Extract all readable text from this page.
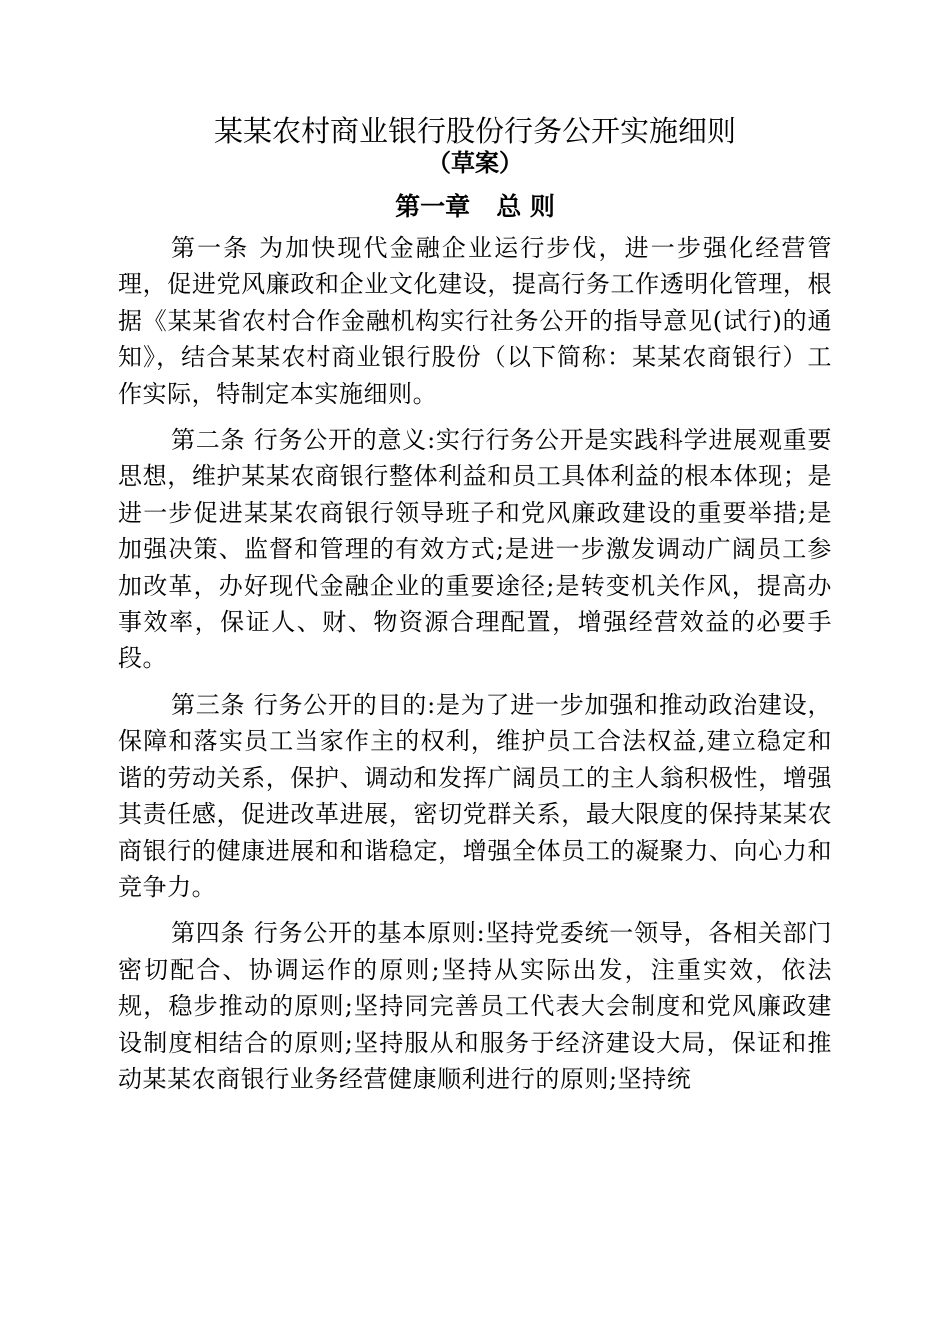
某某农村商业银行股份行务公开实施细则
（草案）
第一章   总 则

第一条 为加快现代金融企业运行步伐，进一步强化经营管理，促进党风廉政和企业文化建设，提高行务工作透明化管理，根据《某某省农村合作金融机构实行社务公开的指导意见(试行)的通知》，结合某某农村商业银行股份（以下简称：某某农商银行）工作实际，特制定本实施细则。

第二条 行务公开的意义:实行行务公开是实践科学进展观重要思想，维护某某农商银行整体利益和员工具体利益的根本体现；是进一步促进某某农商银行领导班子和党风廉政建设的重要举措;是加强决策、监督和管理的有效方式;是进一步激发调动广阔员工参加改革，办好现代金融企业的重要途径;是转变机关作风，提高办事效率，保证人、财、物资源合理配置，增强经营效益的必要手段。

第三条 行务公开的目的:是为了进一步加强和推动政治建设，保障和落实员工当家作主的权利，维护员工合法权益,建立稳定和谐的劳动关系，保护、调动和发挥广阔员工的主人翁积极性，增强其责任感，促进改革进展，密切党群关系，最大限度的保持某某农商银行的健康进展和和谐稳定，增强全体员工的凝聚力、向心力和竞争力。

第四条 行务公开的基本原则:坚持党委统一领导，各相关部门密切配合、协调运作的原则;坚持从实际出发，注重实效，依法规，稳步推动的原则;坚持同完善员工代表大会制度和党风廉政建设制度相结合的原则;坚持服从和服务于经济建设大局，保证和推动某某农商银行业务经营健康顺利进行的原则;坚持统
